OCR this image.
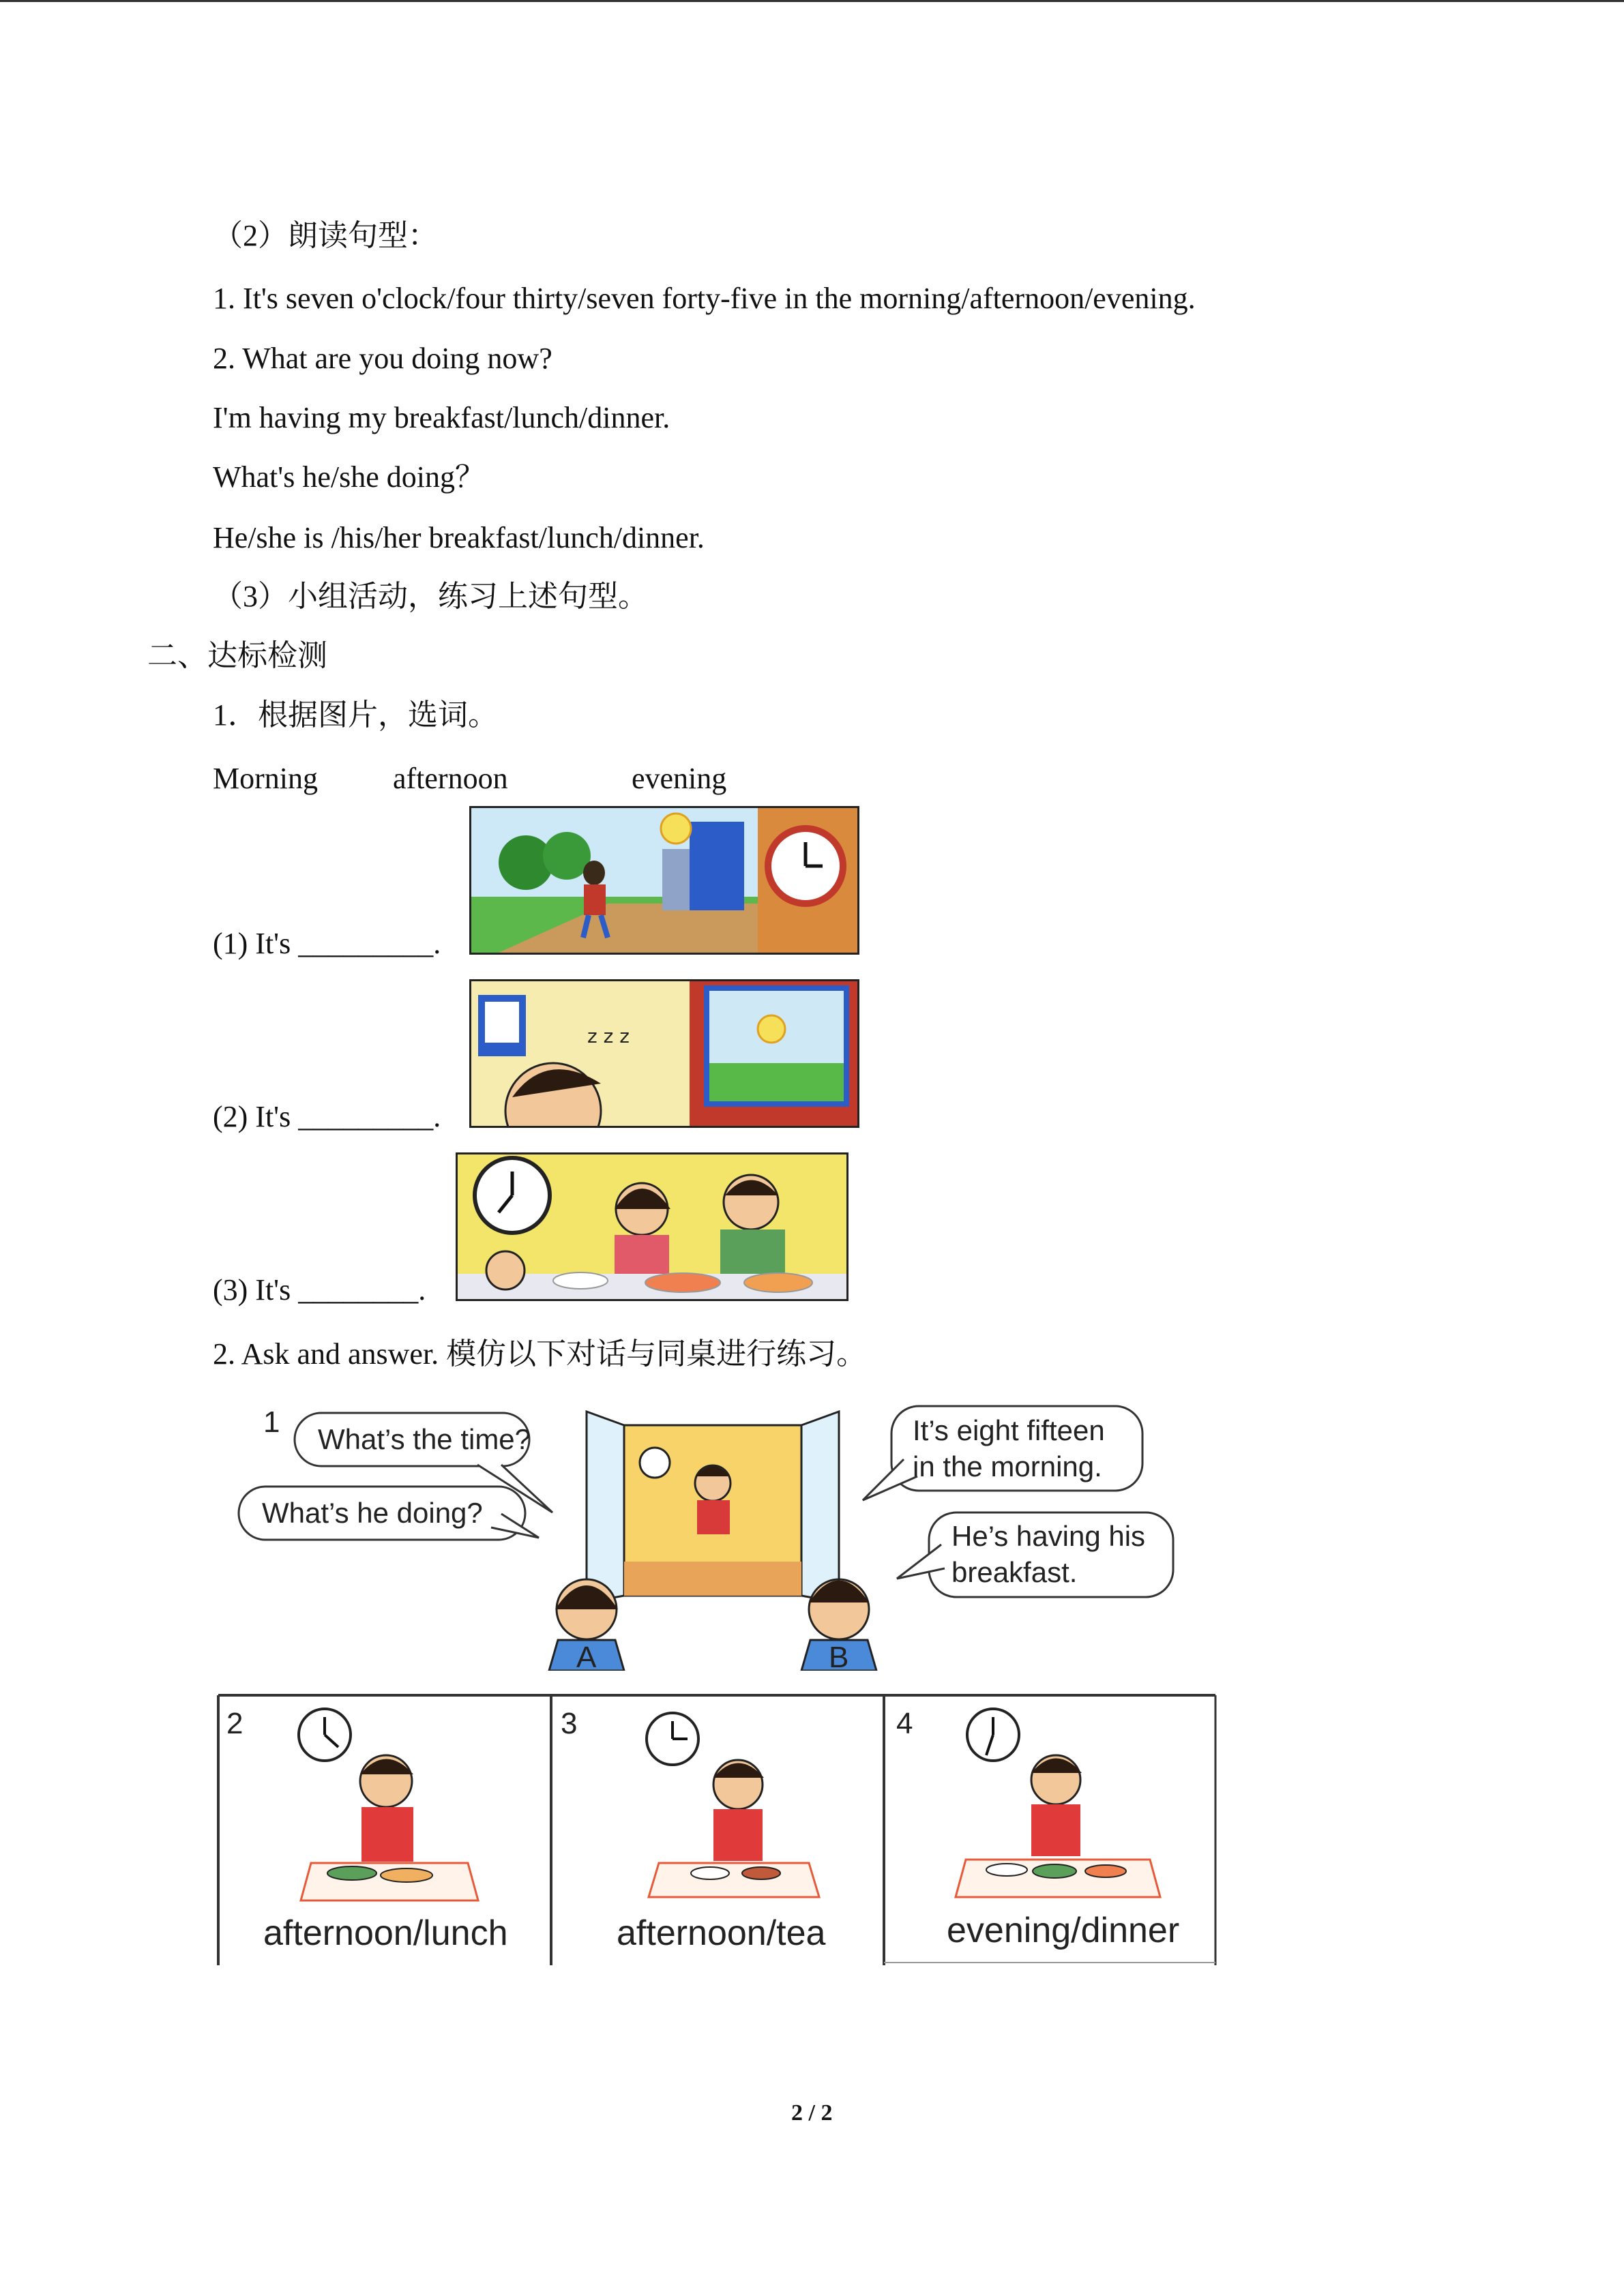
（2）朗读句型：
1. It's seven o'clock/four thirty/seven forty-five in the morning/afternoon/evening.
2. What are you doing now?
I'm having my breakfast/lunch/dinner.
What's he/she doing？
He/she is /his/her breakfast/lunch/dinner.
（3）小组活动，练习上述句型。
二、达标检测
1．根据图片，选词。
Morning	afternoon	evening
(1) It's _________.
(2) It's _________.
(3) It's ________.
z z z
2. Ask and answer. 模仿以下对话与同桌进行练习。
1
What’s the time?
What’s he doing?
A	B
It’s eight fifteen
in the morning.
He’s having his
breakfast.
2
afternoon/lunch
3
afternoon/tea
4
evening/dinner
2 / 2
